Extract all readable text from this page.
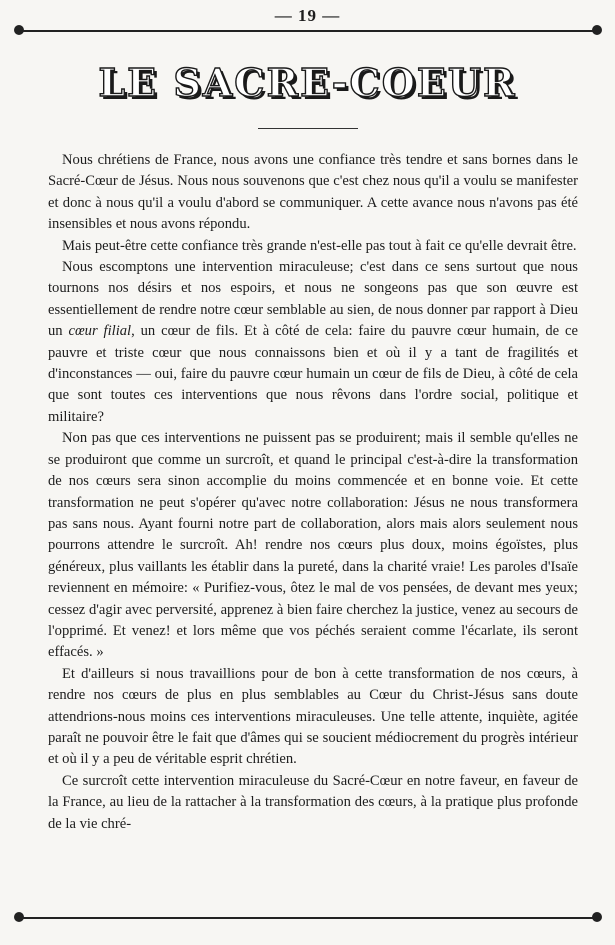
— 19 —
LE SACRE-COEUR

Nous chrétiens de France, nous avons une confiance très tendre et sans bornes dans le Sacré-Cœur de Jésus. Nous nous souvenons que c'est chez nous qu'il a voulu se manifester et donc à nous qu'il a voulu d'abord se communiquer. A cette avance nous n'avons pas été insensibles et nous avons répondu.

Mais peut-être cette confiance très grande n'est-elle pas tout à fait ce qu'elle devrait être.

Nous escomptons une intervention miraculeuse; c'est dans ce sens surtout que nous tournons nos désirs et nos espoirs, et nous ne songeons pas que son œuvre est essentiellement de rendre notre cœur semblable au sien, de nous donner par rapport à Dieu un cœur filial, un cœur de fils. Et à côté de cela: faire du pauvre cœur humain, de ce pauvre et triste cœur que nous connaissons bien et où il y a tant de fragilités et d'inconstances — oui, faire du pauvre cœur humain un cœur de fils de Dieu, à côté de cela que sont toutes ces interventions que nous rêvons dans l'ordre social, politique et militaire?

Non pas que ces interventions ne puissent pas se produirent; mais il semble qu'elles ne se produiront que comme un surcroît, et quand le principal c'est-à-dire la transformation de nos cœurs sera sinon accomplie du moins commencée et en bonne voie. Et cette transformation ne peut s'opérer qu'avec notre collaboration: Jésus ne nous transformera pas sans nous. Ayant fourni notre part de collaboration, alors mais alors seulement nous pourrons attendre le surcroît. Ah! rendre nos cœurs plus doux, moins égoïstes, plus généreux, plus vaillants les établir dans la pureté, dans la charité vraie! Les paroles d'Isaïe reviennent en mémoire: « Purifiez-vous, ôtez le mal de vos pensées, de devant mes yeux; cessez d'agir avec perversité, apprenez à bien faire cherchez la justice, venez au secours de l'opprimé. Et venez! et lors même que vos péchés seraient comme l'écarlate, ils seront effacés. »

Et d'ailleurs si nous travaillions pour de bon à cette transformation de nos cœurs, à rendre nos cœurs de plus en plus semblables au Cœur du Christ-Jésus sans doute attendrions-nous moins ces interventions miraculeuses. Une telle attente, inquiète, agitée paraît ne pouvoir être le fait que d'âmes qui se soucient médiocrement du progrès intérieur et où il y a peu de véritable esprit chrétien.

Ce surcroît cette intervention miraculeuse du Sacré-Cœur en notre faveur, en faveur de la France, au lieu de la rattacher à la transformation des cœurs, à la pratique plus profonde de la vie chré-
